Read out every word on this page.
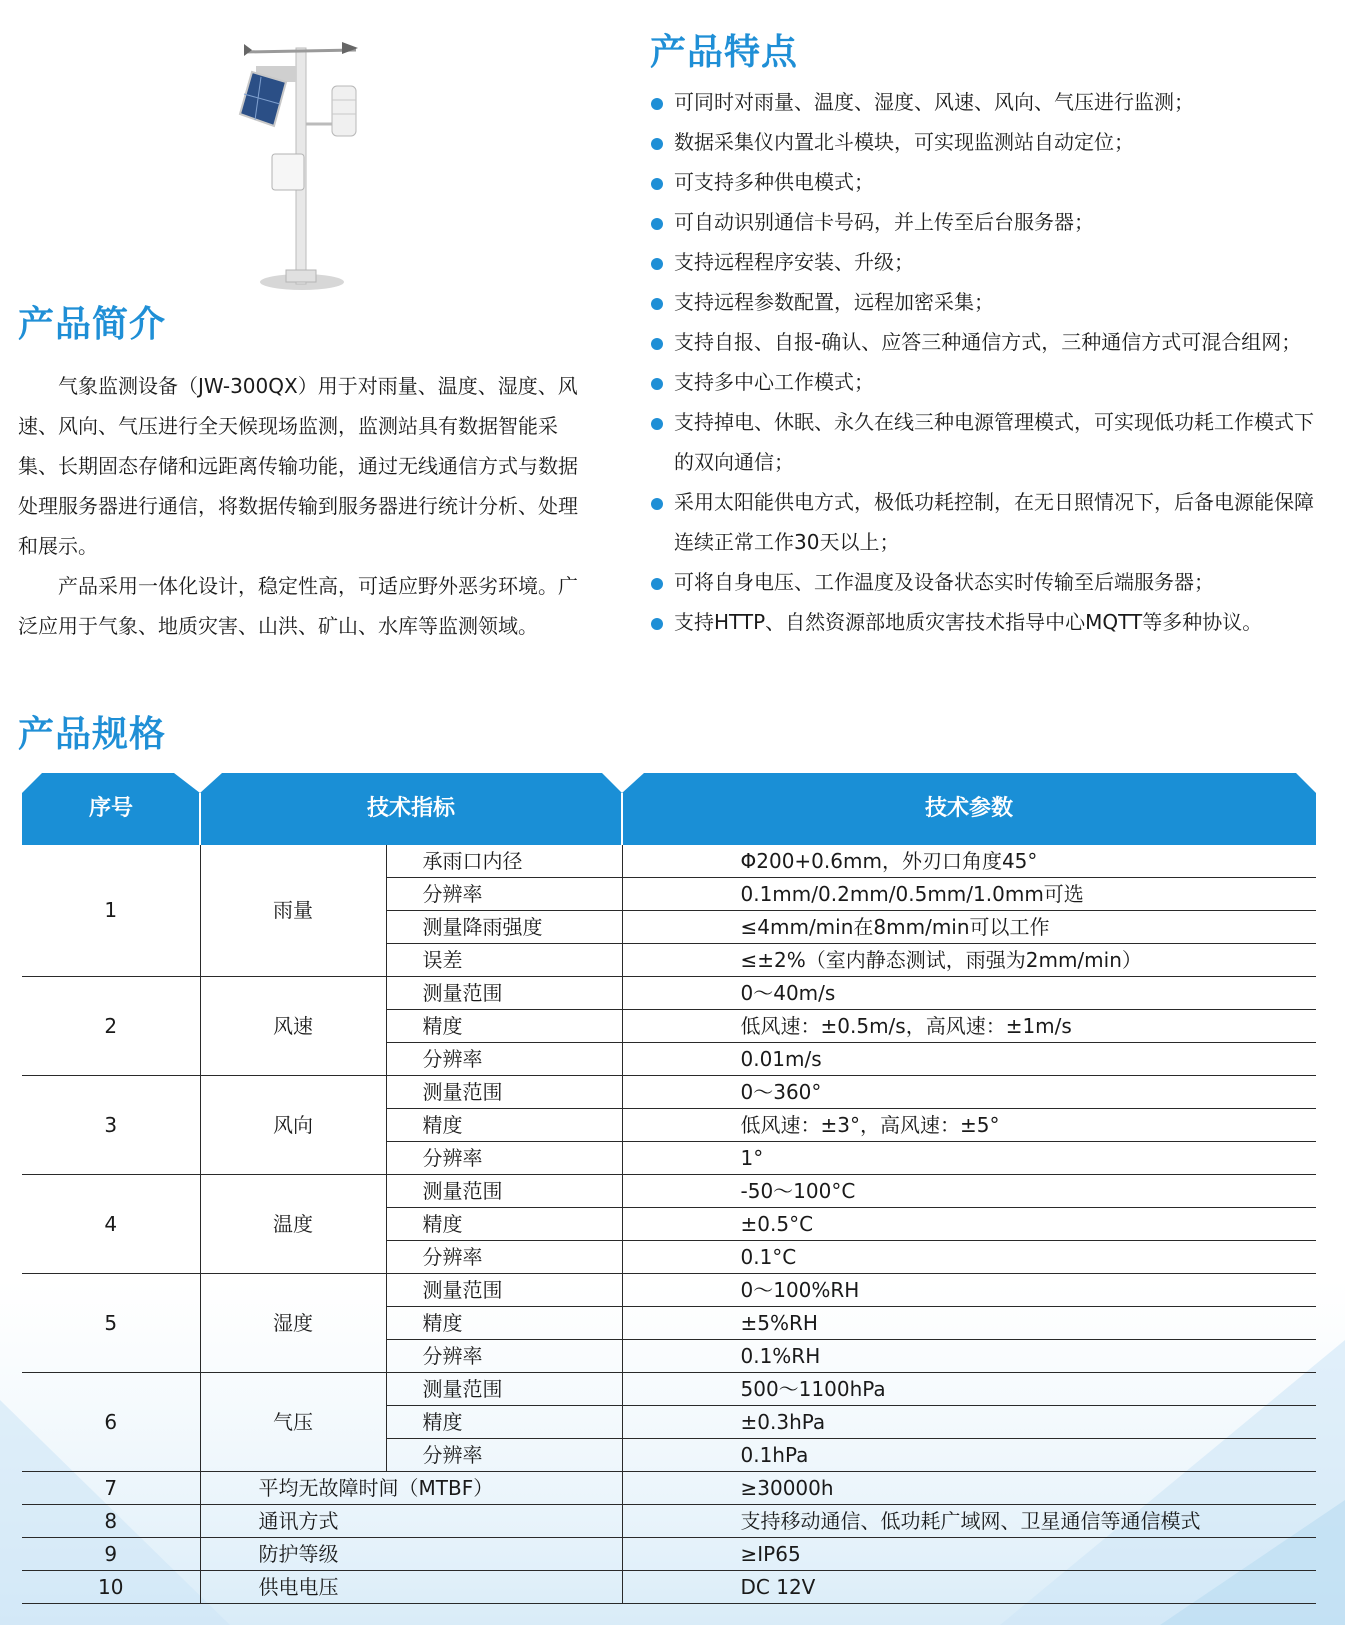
产品简介

气象监测设备（JW-300QX）用于对雨量、温度、湿度、风速、风向、气压进行全天候现场监测，监测站具有数据智能采集、长期固态存储和远距离传输功能，通过无线通信方式与数据处理服务器进行通信，将数据传输到服务器进行统计分析、处理和展示。

产品采用一体化设计，稳定性高，可适应野外恶劣环境。广泛应用于气象、地质灾害、山洪、矿山、水库等监测领域。

产品特点
可同时对雨量、温度、湿度、风速、风向、气压进行监测；
数据采集仪内置北斗模块，可实现监测站自动定位；
可支持多种供电模式；
可自动识别通信卡号码，并上传至后台服务器；
支持远程程序安装、升级；
支持远程参数配置，远程加密采集；
支持自报、自报-确认、应答三种通信方式，三种通信方式可混合组网；
支持多中心工作模式；
支持掉电、休眠、永久在线三种电源管理模式，可实现低功耗工作模式下的双向通信；
采用太阳能供电方式，极低功耗控制，在无日照情况下，后备电源能保障连续正常工作30天以上；
可将自身电压、工作温度及设备状态实时传输至后端服务器；
支持HTTP、自然资源部地质灾害技术指导中心MQTT等多种协议。
产品规格
序号	技术指标	技术参数
1	雨量	承雨口内径	Φ200+0.6mm，外刃口角度45°
		分辨率	0.1mm/0.2mm/0.5mm/1.0mm可选
		测量降雨强度	≤4mm/min在8mm/min可以工作
		误差	≤±2%（室内静态测试，雨强为2mm/min）
2	风速	测量范围	0～40m/s
		精度	低风速：±0.5m/s，高风速：±1m/s
		分辨率	0.01m/s
3	风向	测量范围	0～360°
		精度	低风速：±3°，高风速：±5°
		分辨率	1°
4	温度	测量范围	-50～100°C
		精度	±0.5°C
		分辨率	0.1°C
5	湿度	测量范围	0～100%RH
		精度	±5%RH
		分辨率	0.1%RH
6	气压	测量范围	500～1100hPa
		精度	±0.3hPa
		分辨率	0.1hPa
7	平均无故障时间（MTBF）		≥30000h
8	通讯方式		支持移动通信、低功耗广域网、卫星通信等通信模式
9	防护等级		≥IP65
10	供电电压		DC 12V
